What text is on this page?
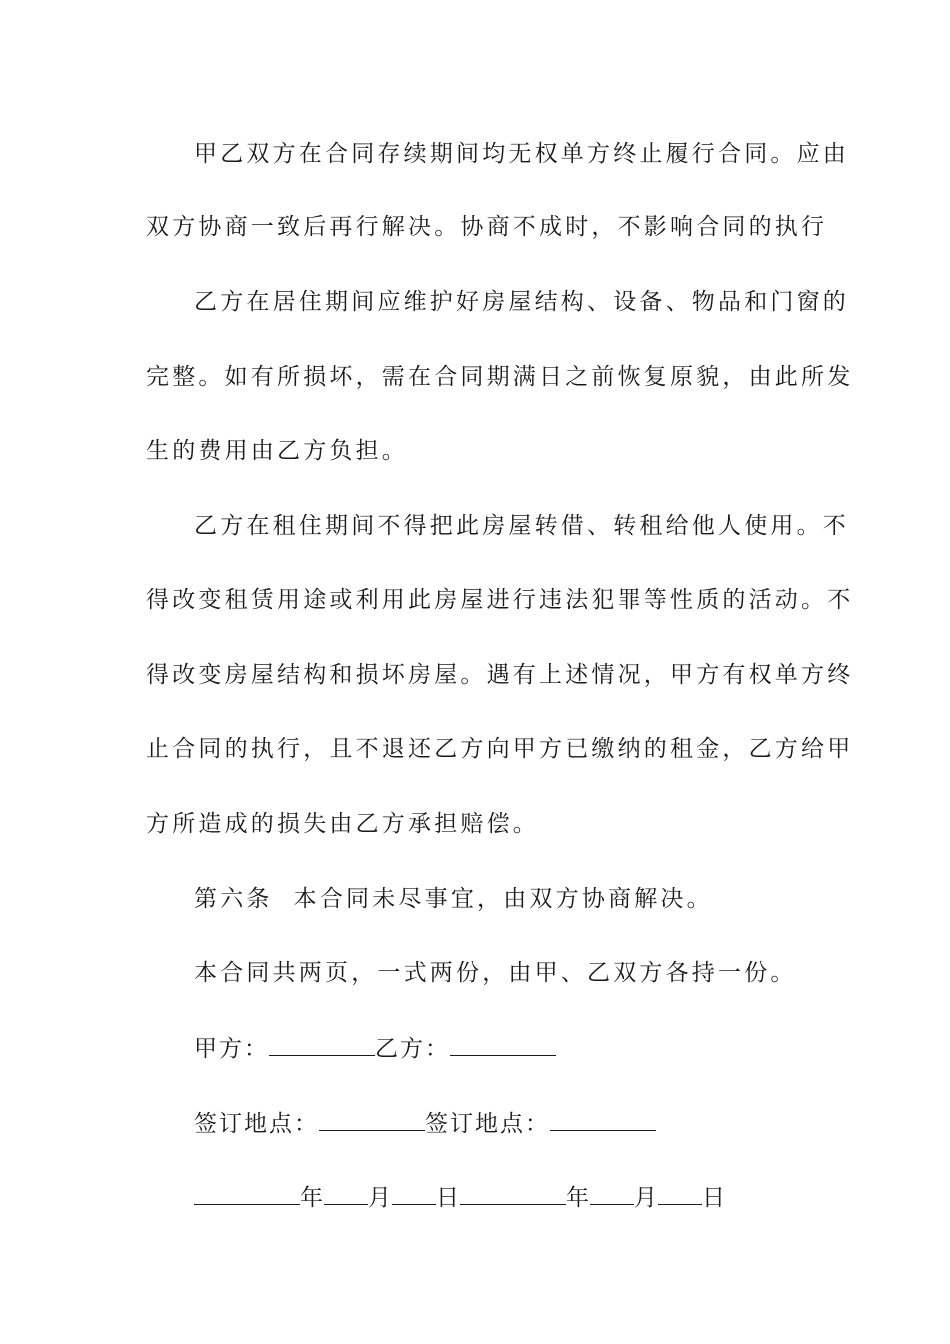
甲乙双方在合同存续期间均无权单方终止履行合同。应由
双方协商一致后再行解决。协商不成时，不影响合同的执行
乙方在居住期间应维护好房屋结构、设备、物品和门窗的
完整。如有所损坏，需在合同期满日之前恢复原貌，由此所发
生的费用由乙方负担。
乙方在租住期间不得把此房屋转借、转租给他人使用。不
得改变租赁用途或利用此房屋进行违法犯罪等性质的活动。不
得改变房屋结构和损坏房屋。遇有上述情况，甲方有权单方终
止合同的执行，且不退还乙方向甲方已缴纳的租金，乙方给甲
方所造成的损失由乙方承担赔偿。
第六条  本合同未尽事宜，由双方协商解决。
本合同共两页，一式两份，由甲、乙双方各持一份。
甲方：	乙方：
签订地点：	签订地点：
年 月 日	年 月 日
